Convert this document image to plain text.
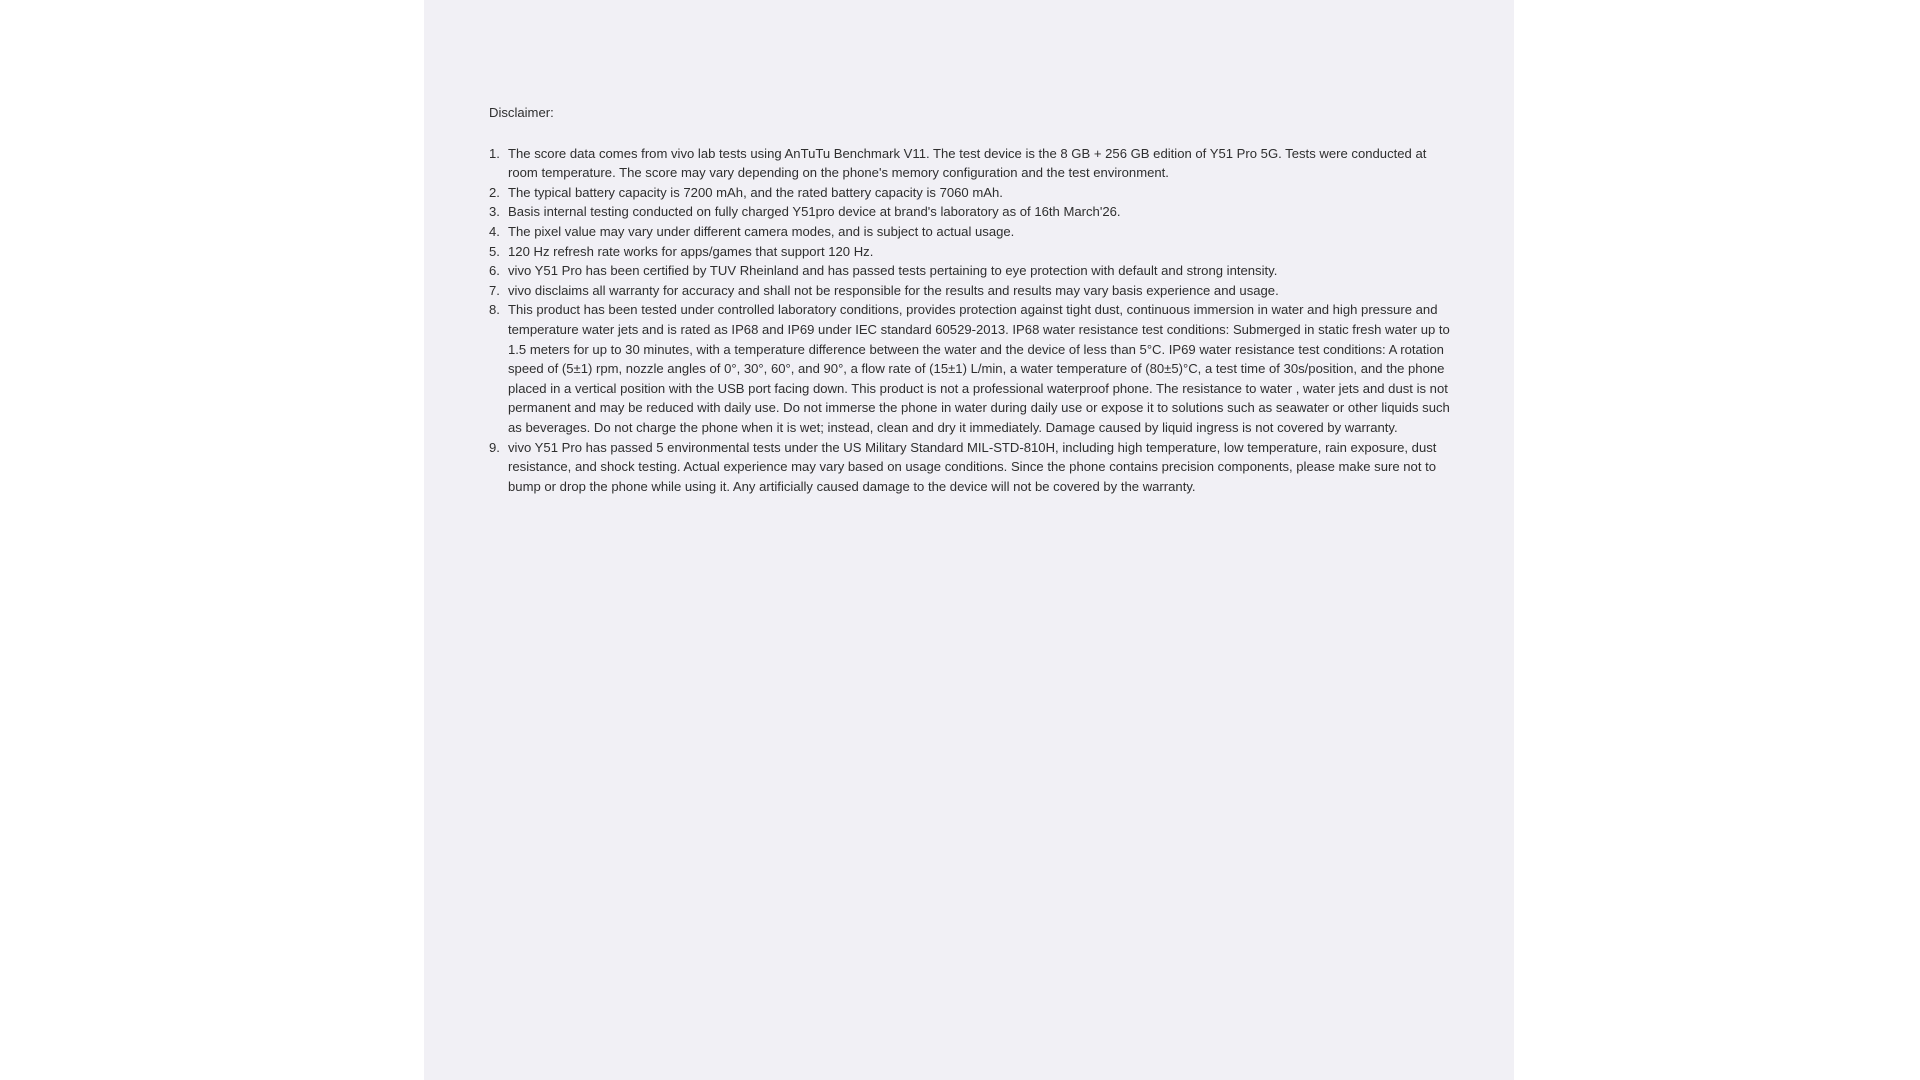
Disclaimer:
1. The score data comes from vivo lab tests using AnTuTu Benchmark V11. The test device is the 8 GB + 256 GB edition of Y51 Pro 5G. Tests were conducted at room temperature. The score may vary depending on the phone's memory configuration and the test environment.
2. The typical battery capacity is 7200 mAh, and the rated battery capacity is 7060 mAh.
3. Basis internal testing conducted on fully charged Y51pro device at brand's laboratory as of 16th March'26.
4. The pixel value may vary under different camera modes, and is subject to actual usage.
5. 120 Hz refresh rate works for apps/games that support 120 Hz.
6. vivo Y51 Pro has been certified by TUV Rheinland and has passed tests pertaining to eye protection with default and strong intensity.
7. vivo disclaims all warranty for accuracy and shall not be responsible for the results and results may vary basis experience and usage.
8. This product has been tested under controlled laboratory conditions, provides protection against tight dust, continuous immersion in water and high pressure and temperature water jets and is rated as IP68 and IP69 under IEC standard 60529-2013. IP68 water resistance test conditions: Submerged in static fresh water up to 1.5 meters for up to 30 minutes, with a temperature difference between the water and the device of less than 5°C. IP69 water resistance test conditions: A rotation speed of (5±1) rpm, nozzle angles of 0°, 30°, 60°, and 90°, a flow rate of (15±1) L/min, a water temperature of (80±5)°C, a test time of 30s/position, and the phone placed in a vertical position with the USB port facing down. This product is not a professional waterproof phone. The resistance to water , water jets and dust is not permanent and may be reduced with daily use. Do not immerse the phone in water during daily use or expose it to solutions such as seawater or other liquids such as beverages. Do not charge the phone when it is wet; instead, clean and dry it immediately. Damage caused by liquid ingress is not covered by warranty.
9. vivo Y51 Pro has passed 5 environmental tests under the US Military Standard MIL-STD-810H, including high temperature, low temperature, rain exposure, dust resistance, and shock testing. Actual experience may vary based on usage conditions. Since the phone contains precision components, please make sure not to bump or drop the phone while using it. Any artificially caused damage to the device will not be covered by the warranty.
